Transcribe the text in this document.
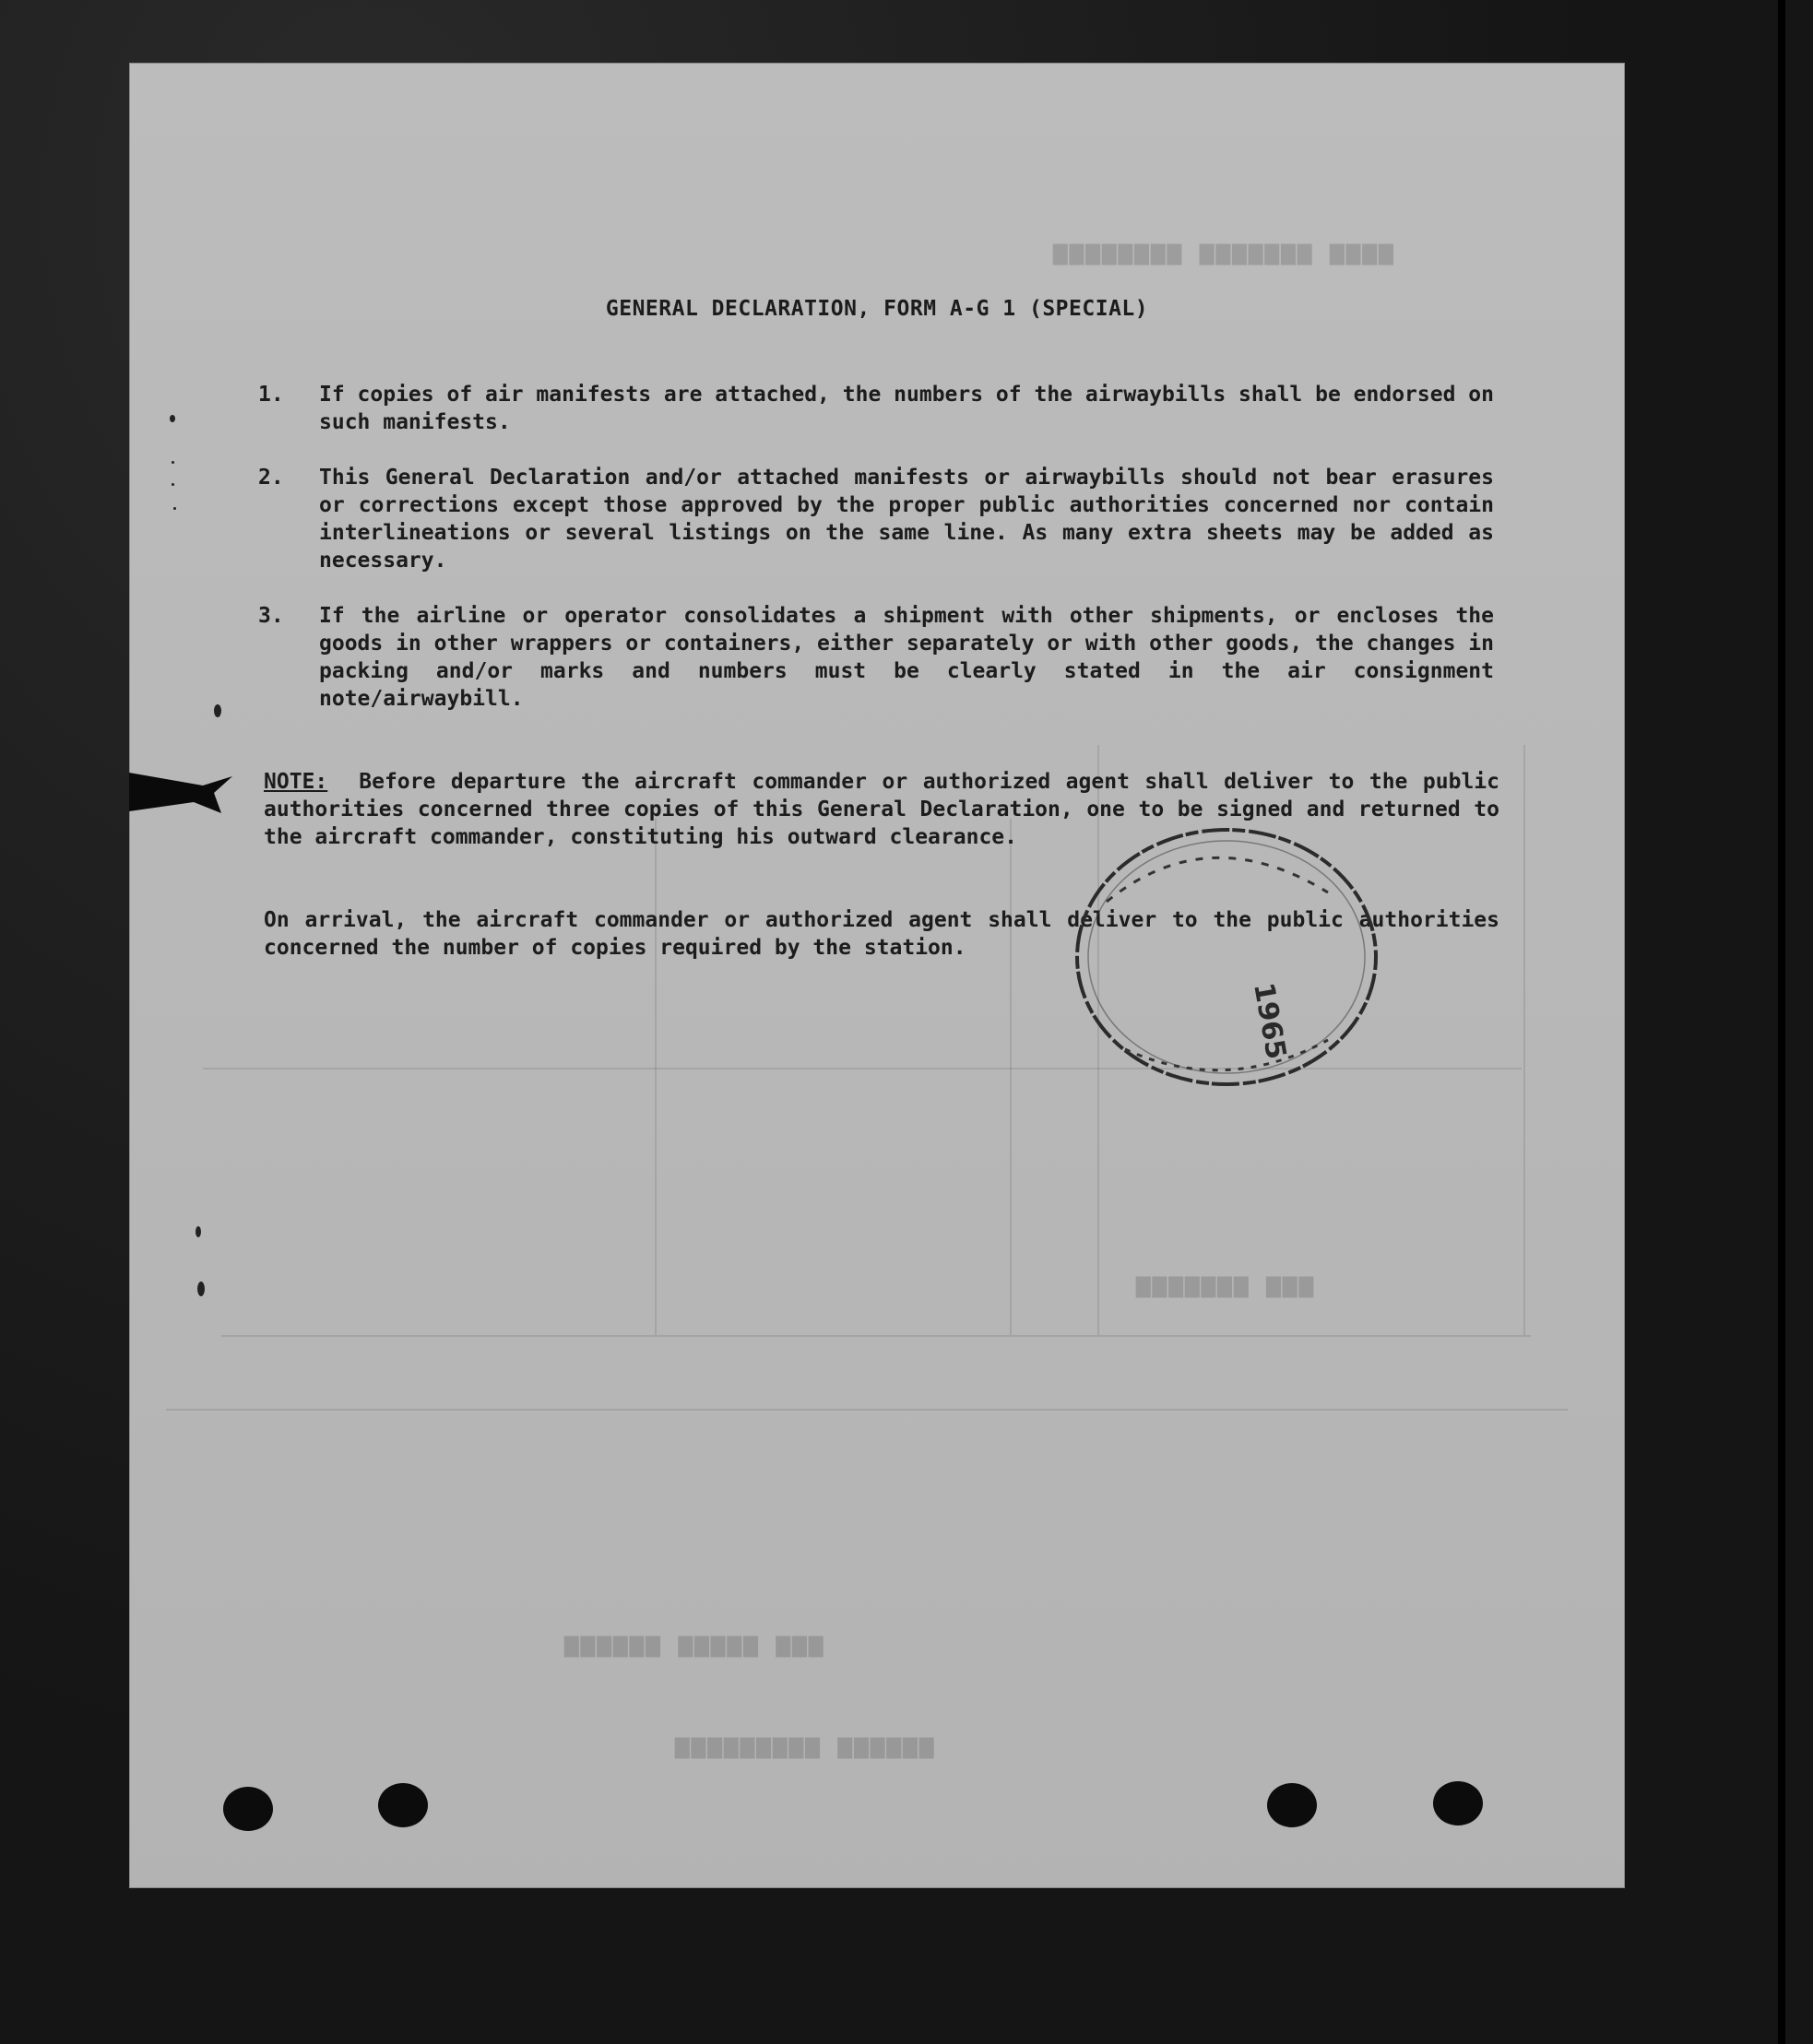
▆▆▆ ▆▆▆▆▆▆▆
▆▆▆ ▆▆▆▆▆ ▆▆▆▆▆▆
▆▆▆▆▆▆ ▆▆▆▆▆▆▆▆▆
▆▆▆▆ ▆▆▆▆▆▆▆ ▆▆▆▆▆▆▆▆
GENERAL DECLARATION, FORM A-G 1 (SPECIAL)
1.	If copies of air manifests are attached, the numbers of the airwaybills shall be endorsed on such manifests.
2.	This General Declaration and/or attached manifests or airwaybills should not bear erasures or corrections except those approved by the proper public authorities concerned nor contain interlineations or several listings on the same line. As many extra sheets may be added as necessary.
3.	If the airline or operator consolidates a shipment with other shipments, or encloses the goods in other wrappers or containers, either separately or with other goods, the changes in packing and/or marks and numbers must be clearly stated in the air consignment note/airwaybill.
NOTE: Before departure the aircraft commander or authorized agent shall deliver to the public authorities concerned three copies of this General Declaration, one to be signed and returned to the aircraft commander, constituting his outward clearance.
On arrival, the aircraft commander or authorized agent shall deliver to the public authorities concerned the number of copies required by the station.
1965
